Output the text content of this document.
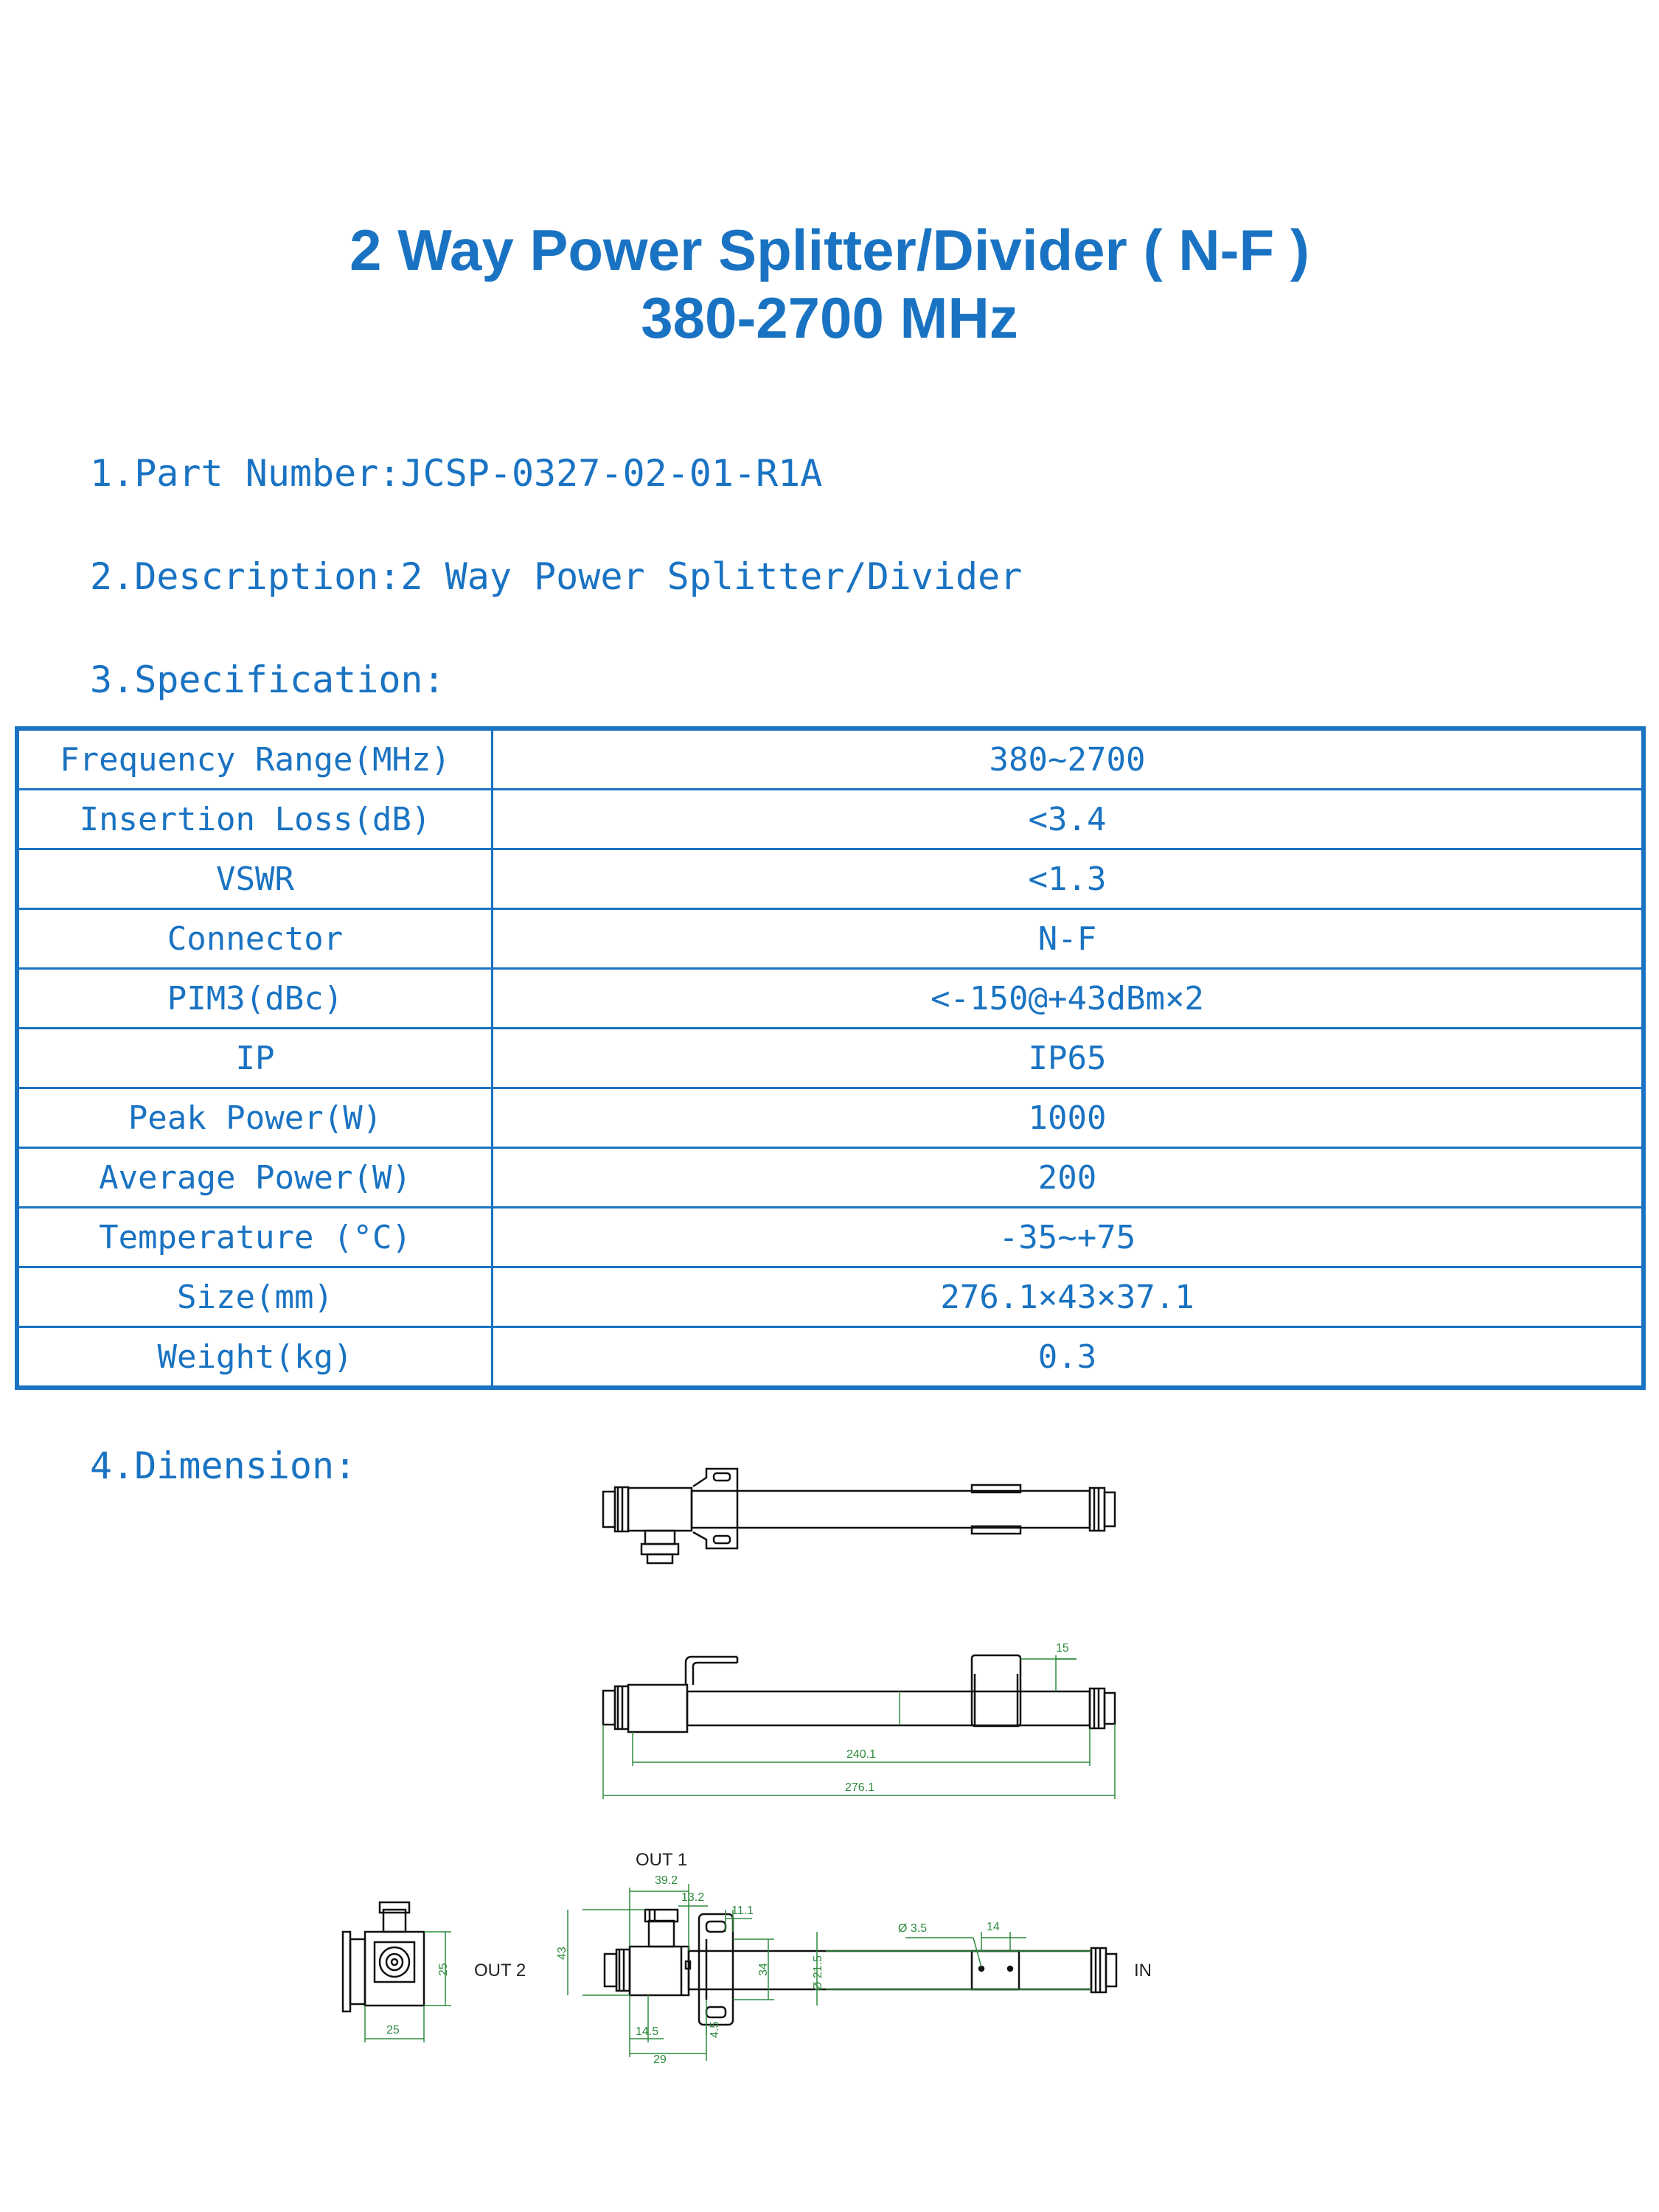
2 Way Power Splitter/Divider ( N-F )
380-2700 MHz
1.Part Number:JCSP-0327-02-01-R1A
2.Description:2 Way Power Splitter/Divider
3.Specification:
Frequency Range(MHz)	380~2700
Insertion Loss(dB)	<3.4
VSWR	<1.3
Connector	N-F
PIM3(dBc)	<-150@+43dBm×2
IP	IP65
Peak Power(W)	1000
Average Power(W)	200
Temperature (°C)	-35~+75
Size(mm)	276.1×43×37.1
Weight(kg)	0.3
4.Dimension:
15
240.1
276.1
25
25
OUT 1
OUT 2	IN
39.2
13.2
11.1
43
34	Ø 21.5
Ø 3.5	14
14.5
29
4.5
